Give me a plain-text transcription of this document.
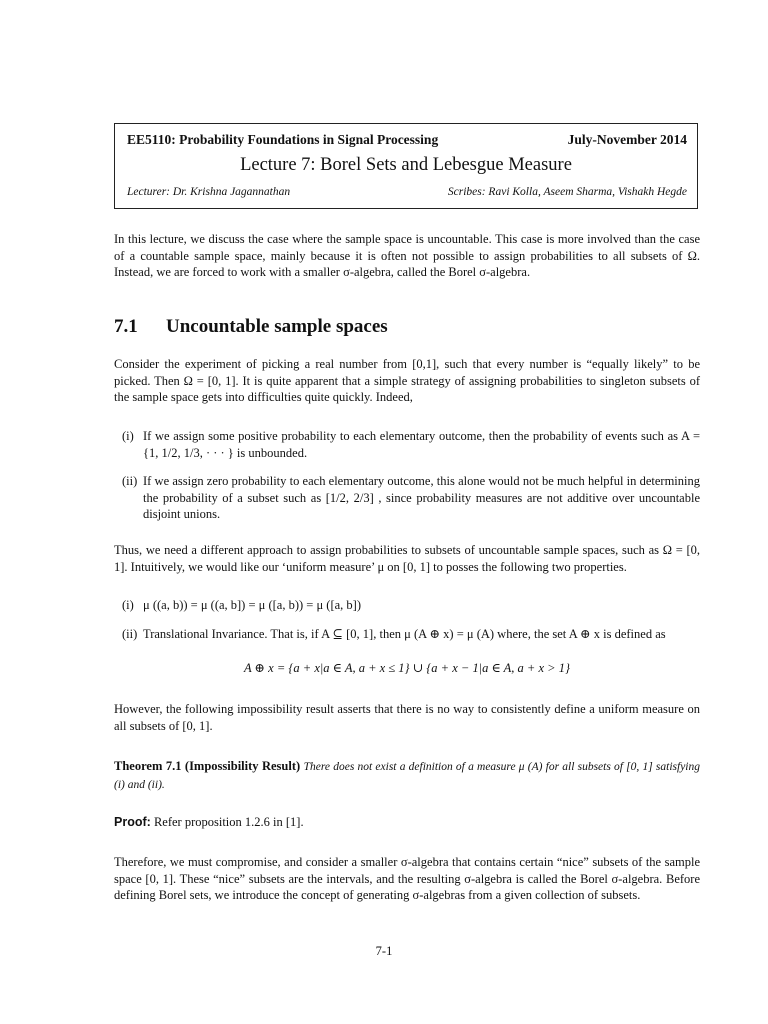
EE5110: Probability Foundations in Signal Processing	July-November 2014
Lecture 7: Borel Sets and Lebesgue Measure
Lecturer: Dr. Krishna Jagannathan	Scribes: Ravi Kolla, Aseem Sharma, Vishakh Hegde
In this lecture, we discuss the case where the sample space is uncountable. This case is more involved than the case of a countable sample space, mainly because it is often not possible to assign probabilities to all subsets of Ω. Instead, we are forced to work with a smaller σ-algebra, called the Borel σ-algebra.
7.1 Uncountable sample spaces
Consider the experiment of picking a real number from [0,1], such that every number is “equally likely” to be picked. Then Ω = [0, 1]. It is quite apparent that a simple strategy of assigning probabilities to singleton subsets of the sample space gets into difficulties quite quickly. Indeed,
(i) If we assign some positive probability to each elementary outcome, then the probability of events such as A = {1, 1/2, 1/3, · · · } is unbounded.
(ii) If we assign zero probability to each elementary outcome, this alone would not be much helpful in determining the probability of a subset such as [1/2, 2/3] , since probability measures are not additive over uncountable disjoint unions.
Thus, we need a different approach to assign probabilities to subsets of uncountable sample spaces, such as Ω = [0, 1]. Intuitively, we would like our ‘uniform measure’ μ on [0, 1] to posses the following two properties.
(i) μ ((a, b)) = μ ((a, b]) = μ ([a, b)) = μ ([a, b])
(ii) Translational Invariance. That is, if A ⊆ [0, 1], then μ (A ⊕ x) = μ (A) where, the set A ⊕ x is defined as
A ⊕ x = {a + x|a ∈ A, a + x ≤ 1} ∪ {a + x − 1|a ∈ A, a + x > 1}
However, the following impossibility result asserts that there is no way to consistently define a uniform measure on all subsets of [0, 1].
Theorem 7.1 (Impossibility Result) There does not exist a definition of a measure μ (A) for all subsets of [0, 1] satisfying (i) and (ii).
Proof: Refer proposition 1.2.6 in [1].
Therefore, we must compromise, and consider a smaller σ-algebra that contains certain “nice” subsets of the sample space [0, 1]. These “nice” subsets are the intervals, and the resulting σ-algebra is called the Borel σ-algebra. Before defining Borel sets, we introduce the concept of generating σ-algebras from a given collection of subsets.
7-1
